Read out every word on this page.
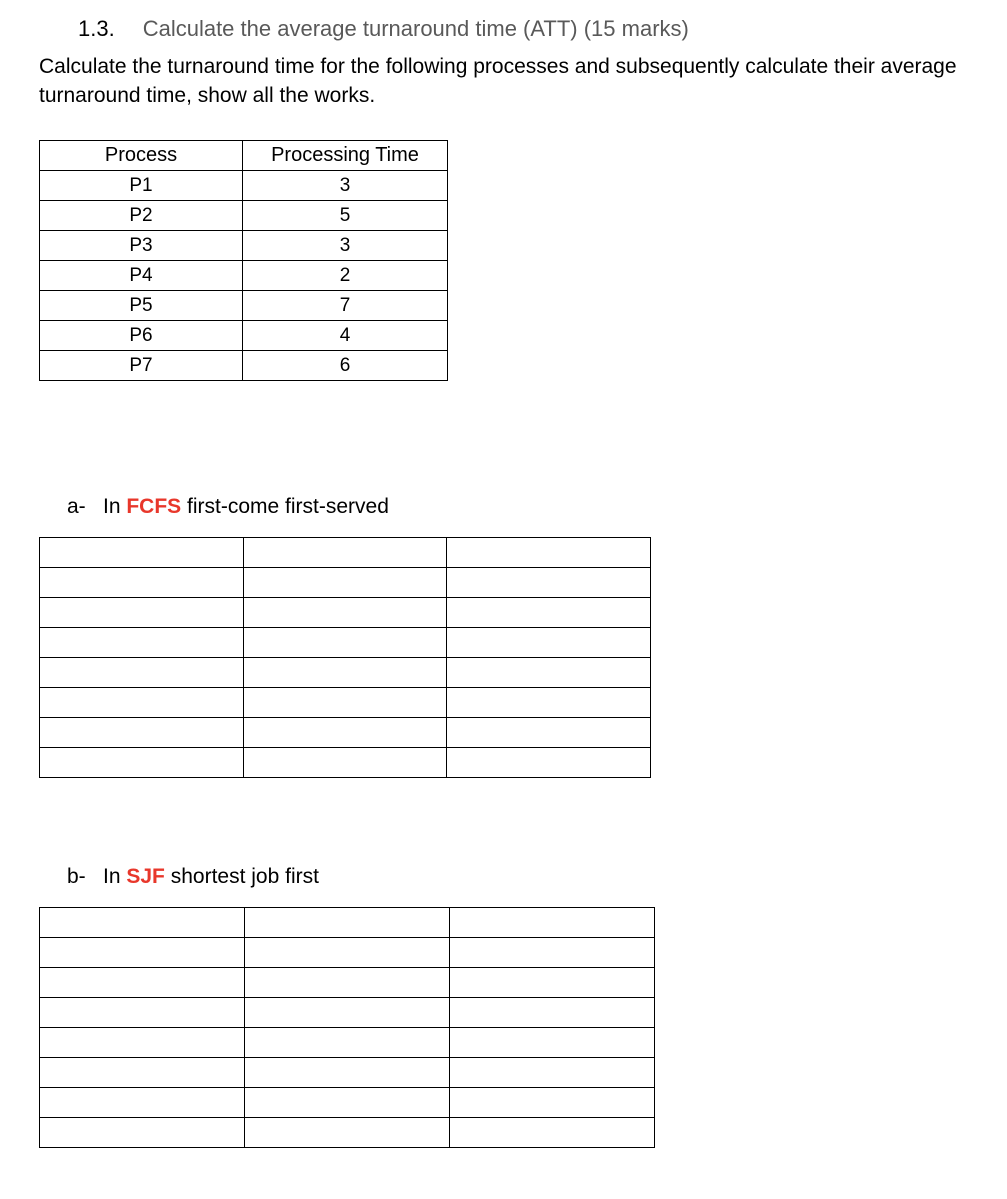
1.3. Calculate the average turnaround time (ATT) (15 marks)
Calculate the turnaround time for the following processes and subsequently calculate their average turnaround time, show all the works.
Process	Processing Time
P1	3
P2	5
P3	3
P4	2
P5	7
P6	4
P7	6
a- In FCFS first-come first-served

b- In SJF shortest job first
